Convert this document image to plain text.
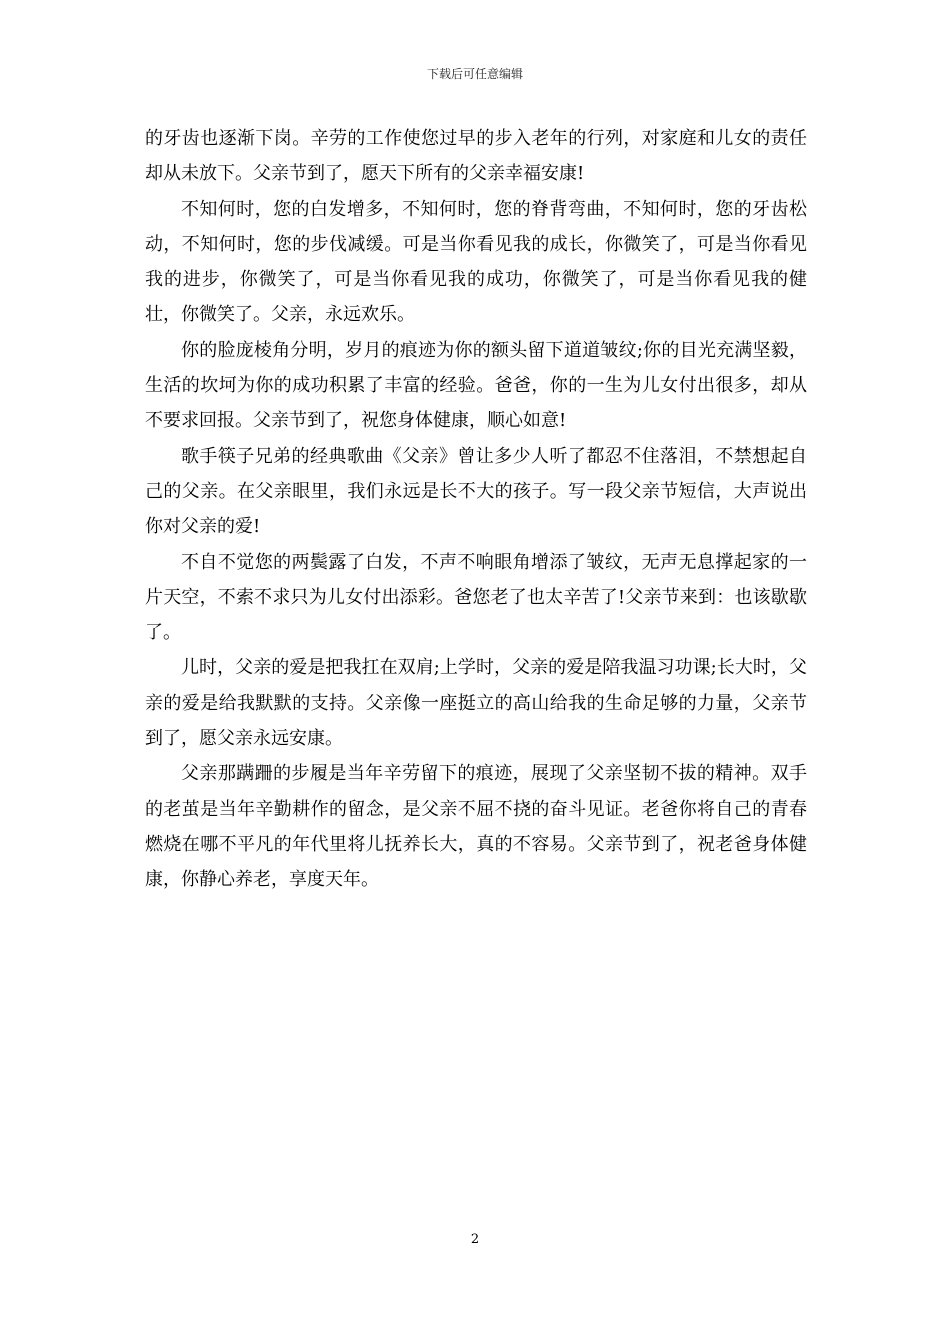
下载后可任意编辑

的牙齿也逐渐下岗。辛劳的工作使您过早的步入老年的行列，对家庭和儿女的责任却从未放下。父亲节到了，愿天下所有的父亲幸福安康!

不知何时，您的白发增多，不知何时，您的脊背弯曲，不知何时，您的牙齿松动，不知何时，您的步伐减缓。可是当你看见我的成长，你微笑了，可是当你看见我的进步，你微笑了，可是当你看见我的成功，你微笑了，可是当你看见我的健壮，你微笑了。父亲，永远欢乐。

你的脸庞棱角分明，岁月的痕迹为你的额头留下道道皱纹;你的目光充满坚毅，生活的坎坷为你的成功积累了丰富的经验。爸爸，你的一生为儿女付出很多，却从不要求回报。父亲节到了，祝您身体健康，顺心如意!

歌手筷子兄弟的经典歌曲《父亲》曾让多少人听了都忍不住落泪，不禁想起自己的父亲。在父亲眼里，我们永远是长不大的孩子。写一段父亲节短信，大声说出你对父亲的爱!

不自不觉您的两鬓露了白发，不声不响眼角增添了皱纹，无声无息撑起家的一片天空，不索不求只为儿女付出添彩。爸您老了也太辛苦了!父亲节来到：也该歇歇了。

儿时，父亲的爱是把我扛在双肩;上学时，父亲的爱是陪我温习功课;长大时，父亲的爱是给我默默的支持。父亲像一座挺立的高山给我的生命足够的力量，父亲节到了，愿父亲永远安康。

父亲那蹒跚的步履是当年辛劳留下的痕迹，展现了父亲坚韧不拔的精神。双手的老茧是当年辛勤耕作的留念，是父亲不屈不挠的奋斗见证。老爸你将自己的青春燃烧在哪不平凡的年代里将儿抚养长大，真的不容易。父亲节到了，祝老爸身体健康，你静心养老，享度天年。

2
